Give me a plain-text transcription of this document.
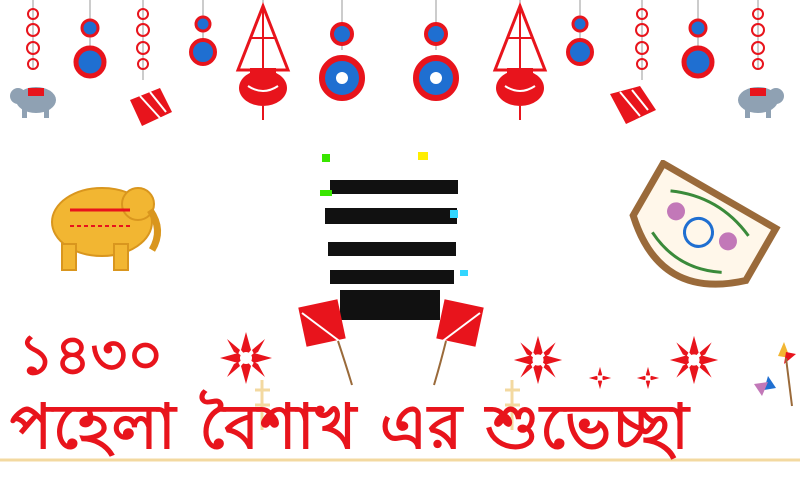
১৪৩০
পহেলা বৈশাখ এর শুভেচ্ছা
